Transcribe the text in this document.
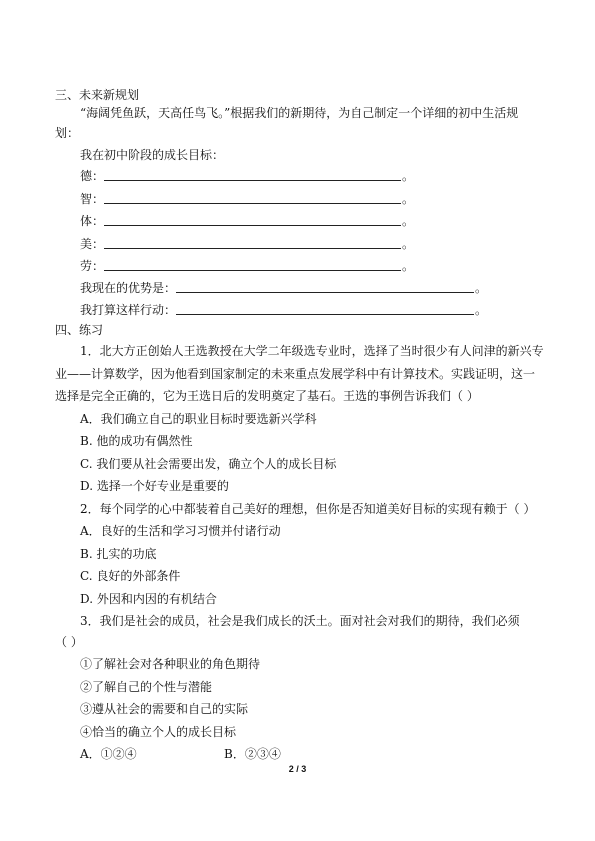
三、未来新规划
“海阔凭鱼跃，天高任鸟飞。”根据我们的新期待，为自己制定一个详细的初中生活规
划：
我在初中阶段的成长目标：
德：	。
智：	。
体：	。
美：	。
劳：	。
我现在的优势是：	。
我打算这样行动：	。
四、练习
1．北大方正创始人王选教授在大学二年级选专业时，选择了当时很少有人问津的新兴专
业——计算数学，因为他看到国家制定的未来重点发展学科中有计算技术。实践证明，这一
选择是完全正确的，它为王选日后的发明奠定了基石。王选的事例告诉我们（ ）
A．我们确立自己的职业目标时要选新兴学科
B. 他的成功有偶然性
C. 我们要从社会需要出发，确立个人的成长目标
D. 选择一个好专业是重要的
2．每个同学的心中都装着自己美好的理想，但你是否知道美好目标的实现有赖于（ ）
A．良好的生活和学习习惯并付诸行动
B. 扎实的功底
C. 良好的外部条件
D. 外因和内因的有机结合
3．我们是社会的成员，社会是我们成长的沃土。面对社会对我们的期待，我们必须
（ ）
①了解社会对各种职业的角色期待
②了解自己的个性与潜能
③遵从社会的需要和自己的实际
④恰当的确立个人的成长目标
A．①②④	B．②③④
2 / 3
